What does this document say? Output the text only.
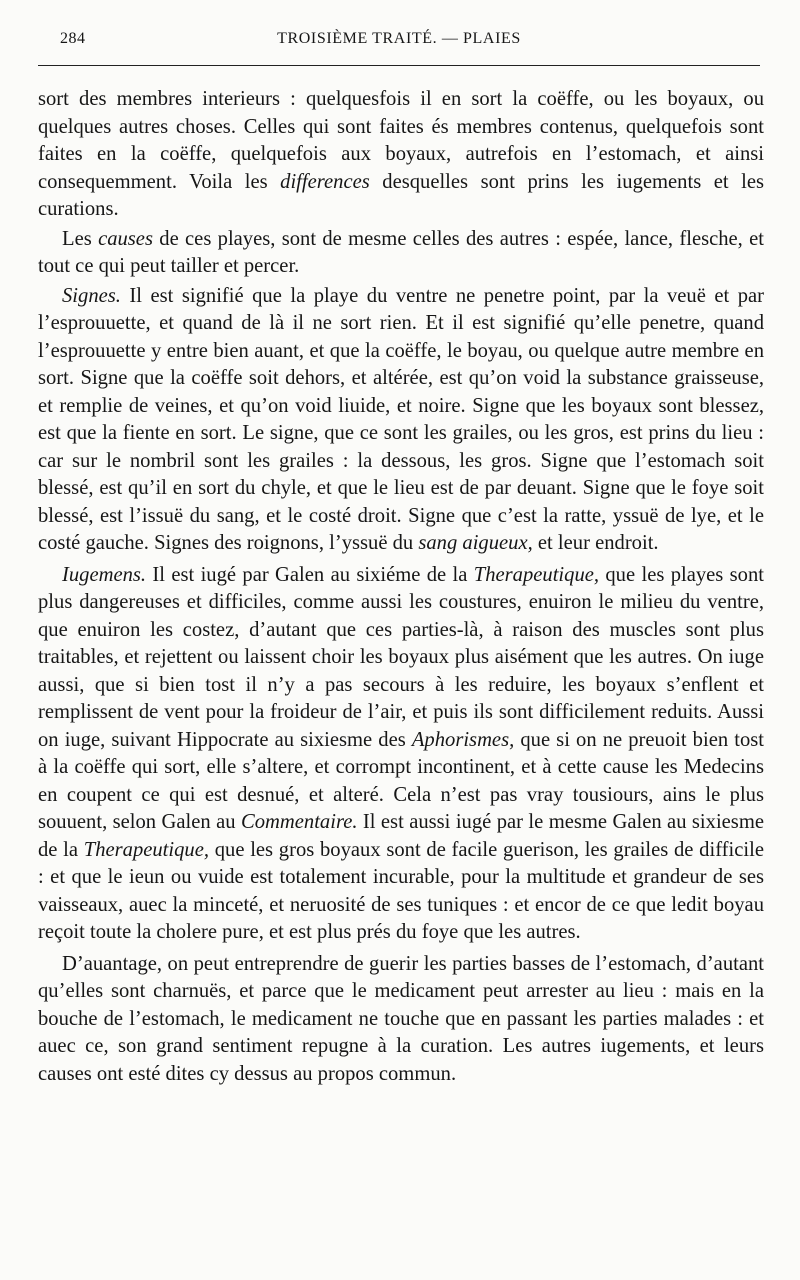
284	TROISIÈME TRAITÉ. — PLAIES

sort des membres interieurs : quelquesfois il en sort la coëffe, ou les boyaux, ou quelques autres choses. Celles qui sont faites és membres contenus, quelquefois sont faites en la coëffe, quelquefois aux boyaux, autrefois en l’estomach, et ainsi consequemment. Voila les differences desquelles sont prins les iugements et les curations.

Les causes de ces playes, sont de mesme celles des autres : espée, lance, flesche, et tout ce qui peut tailler et percer.

Signes. Il est signifié que la playe du ventre ne penetre point, par la veuë et par l’esprouuette, et quand de là il ne sort rien. Et il est signifié qu’elle penetre, quand l’esprouuette y entre bien auant, et que la coëffe, le boyau, ou quelque autre membre en sort. Signe que la coëffe soit dehors, et altérée, est qu’on void la substance graisseuse, et remplie de veines, et qu’on void liuide, et noire. Signe que les boyaux sont blessez, est que la fiente en sort. Le signe, que ce sont les grailes, ou les gros, est prins du lieu : car sur le nombril sont les grailes : la dessous, les gros. Signe que l’estomach soit blessé, est qu’il en sort du chyle, et que le lieu est de par deuant. Signe que le foye soit blessé, est l’issuë du sang, et le costé droit. Signe que c’est la ratte, yssuë de lye, et le costé gauche. Signes des roignons, l’yssuë du sang aigueux, et leur endroit.

Iugemens. Il est iugé par Galen au sixiéme de la Therapeutique, que les playes sont plus dangereuses et difficiles, comme aussi les coustures, enuiron le milieu du ventre, que enuiron les costez, d’autant que ces parties-là, à raison des muscles sont plus traitables, et rejettent ou laissent choir les boyaux plus aisément que les autres. On iuge aussi, que si bien tost il n’y a pas secours à les reduire, les boyaux s’enflent et remplissent de vent pour la froideur de l’air, et puis ils sont difficilement reduits. Aussi on iuge, suivant Hippocrate au sixiesme des Aphorismes, que si on ne preuoit bien tost à la coëffe qui sort, elle s’altere, et corrompt incontinent, et à cette cause les Medecins en coupent ce qui est desnué, et alteré. Cela n’est pas vray tousiours, ains le plus souuent, selon Galen au Commentaire. Il est aussi iugé par le mesme Galen au sixiesme de la Therapeutique, que les gros boyaux sont de facile guerison, les grailes de difficile : et que le ieun ou vuide est totalement incurable, pour la multitude et grandeur de ses vaisseaux, auec la minceté, et neruosité de ses tuniques : et encor de ce que ledit boyau reçoit toute la cholere pure, et est plus prés du foye que les autres.

D’auantage, on peut entreprendre de guerir les parties basses de l’estomach, d’autant qu’elles sont charnuës, et parce que le medicament peut arrester au lieu : mais en la bouche de l’estomach, le medicament ne touche que en passant les parties malades : et auec ce, son grand sentiment repugne à la curation. Les autres iugements, et leurs causes ont esté dites cy dessus au propos commun.
